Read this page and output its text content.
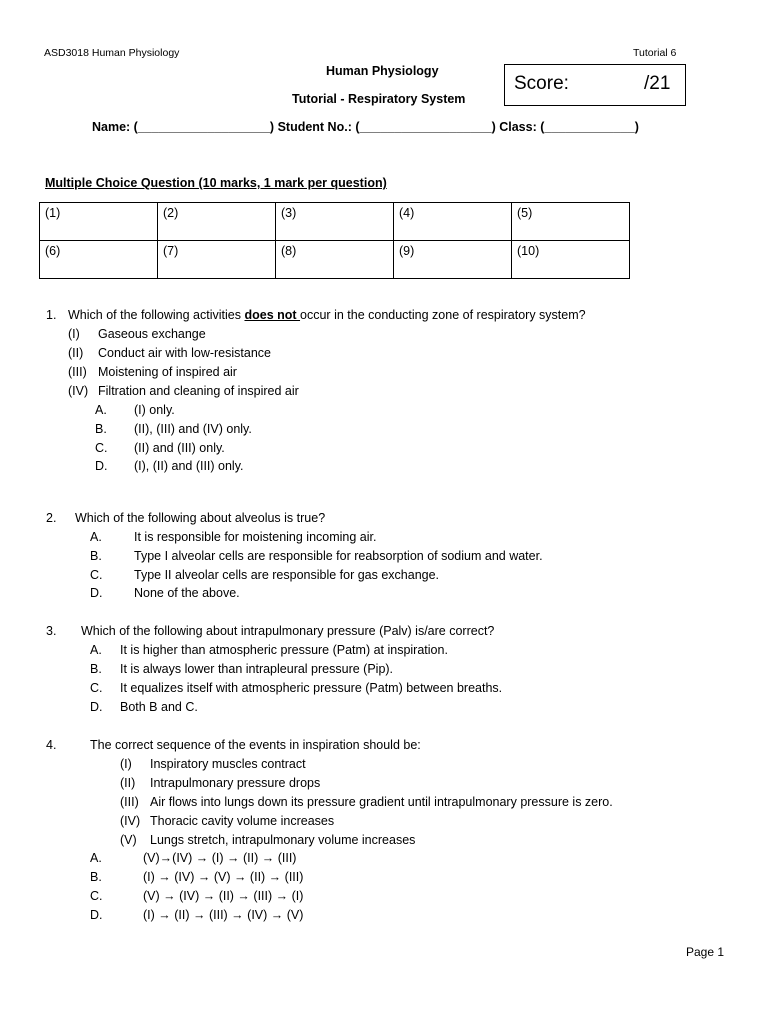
ASD3018 Human Physiology	Tutorial 6
Human Physiology
Tutorial - Respiratory System
Score:	/21
Name: (___________________) Student No.: (___________________) Class: (_____________)
Multiple Choice Question (10 marks, 1 mark per question)
(1)	(2)	(3)	(4)	(5)
(6)	(7)	(8)	(9)	(10)
1. Which of the following activities does not occur in the conducting zone of respiratory system?
(I) Gaseous exchange
(II) Conduct air with low-resistance
(III) Moistening of inspired air
(IV) Filtration and cleaning of inspired air
A. (I) only.
B. (II), (III) and (IV) only.
C. (II) and (III) only.
D. (I), (II) and (III) only.
2. Which of the following about alveolus is true?
A.	It is responsible for moistening incoming air.
B.	Type I alveolar cells are responsible for reabsorption of sodium and water.
C.	Type II alveolar cells are responsible for gas exchange.
D.	None of the above.
3. Which of the following about intrapulmonary pressure (Palv) is/are correct?
A. It is higher than atmospheric pressure (Patm) at inspiration.
B. It is always lower than intrapleural pressure (Pip).
C. It equalizes itself with atmospheric pressure (Patm) between breaths.
D. Both B and C.
4.	The correct sequence of the events in inspiration should be:
(I) Inspiratory muscles contract
(II) Intrapulmonary pressure drops
(III) Air flows into lungs down its pressure gradient until intrapulmonary pressure is zero.
(IV) Thoracic cavity volume increases
(V) Lungs stretch, intrapulmonary volume increases
A.	(V)→(IV) → (I) → (II) → (III)
B.	(I) → (IV) → (V) → (II) → (III)
C.	(V) → (IV) → (II) → (III) → (I)
D.	(I) → (II) → (III) → (IV) → (V)
Page 1
